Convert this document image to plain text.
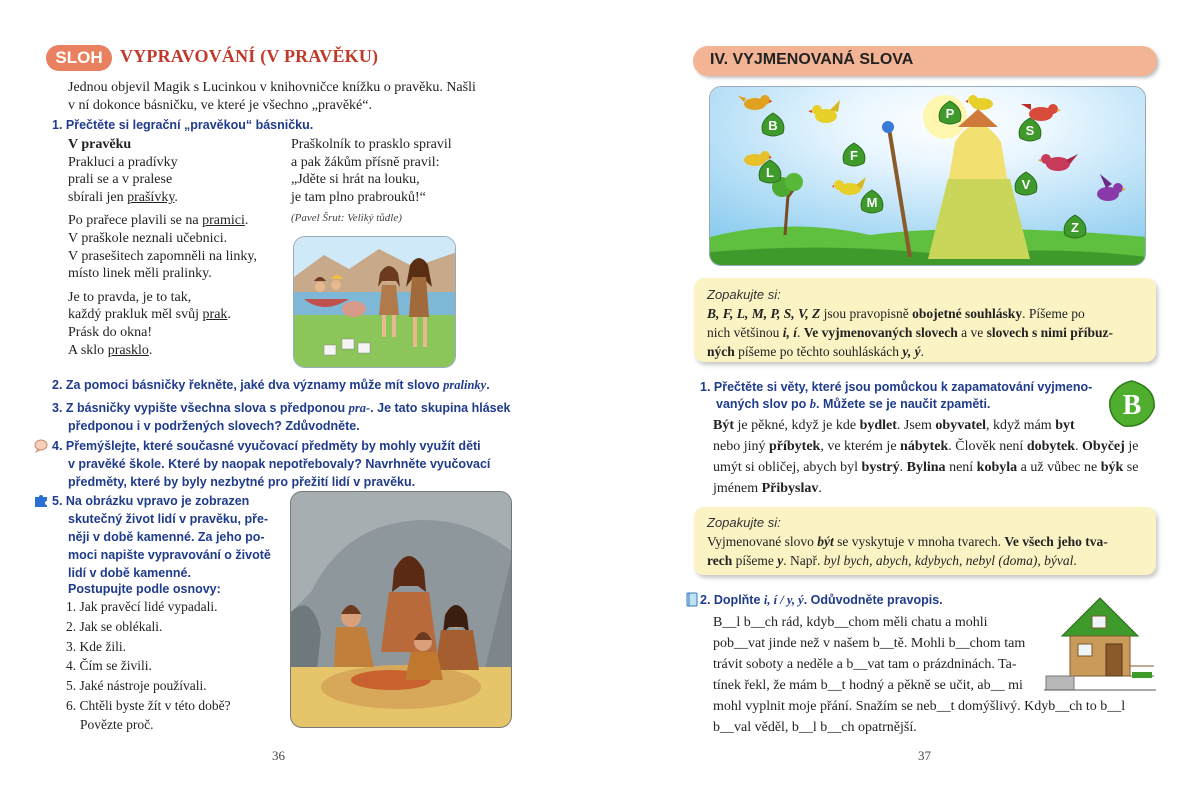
SLOH VYPRAVOVÁNÍ (V PRAVĚKU)
Jednou objevil Magik s Lucinkou v knihovničce knížku o pravěku. Našli
v ní dokonce básničku, ve které je všechno „pravěké“.
1. Přečtěte si legrační „pravěkou“ básničku.
V pravěku
Prakluci a pradívky
prali se a v pralese
sbírali jen prašívky.
Po prařece plavili se na pramici.
V praškole neznali učebnici.
V prasešitech zapomněli na linky,
místo linek měli pralinky.
Je to pravda, je to tak,
každý prakluk měl svůj prak.
Prásk do okna!
A sklo prasklo.
Praškolník to prasklo spravil
a pak žákům přísně pravil:
„Jděte si hrát na louku,
je tam plno prabrouků!“
(Pavel Šrut: Veliký tůdle)
2. Za pomoci básničky řekněte, jaké dva významy může mít slovo pralinky.
3. Z básničky vypište všechna slova s předponou pra-. Je tato skupina hlásek
předponou i v podržených slovech? Zdůvodněte.
4. Přemýšlejte, které současné vyučovací předměty by mohly využít děti
v pravěké škole. Které by naopak nepotřebovaly? Navrhněte vyučovací
předměty, které by byly nezbytné pro přežití lidí v pravěku.
5. Na obrázku vpravo je zobrazen
skutečný život lidí v pravěku, pře-
něji v době kamenné. Za jeho po-
moci napište vypravování o životě
lidí v době kamenné.
Postupujte podle osnovy:
1. Jak pravěcí lidé vypadali.
2. Jak se oblékali.
3. Kde žili.
4. Čím se živili.
5. Jaké nástroje používali.
6. Chtěli byste žít v této době?
Povězte proč.
36
IV. VYJMENOVANÁ SLOVA
B
F
L
M
P
S
V
Z
Zopakujte si:
B, F, L, M, P, S, V, Z jsou pravopisně obojetné souhlásky. Píšeme po
nich většinou i, í. Ve vyjmenovaných slovech a ve slovech s nimi příbuz-
ných píšeme po těchto souhláskách y, ý.
1. Přečtěte si věty, které jsou pomůckou k zapamatování vyjmeno-
vaných slov po b. Můžete se je naučit zpaměti.	B
Být je pěkné, když je kde bydlet. Jsem obyvatel, když mám byt
nebo jiný příbytek, ve kterém je nábytek. Člověk není dobytek. Obyčej je
umýt si obličej, abych byl bystrý. Bylina není kobyla a už vůbec ne býk se
jménem Přibyslav.
Zopakujte si:
Vyjmenované slovo být se vyskytuje v mnoha tvarech. Ve všech jeho tva-
rech píšeme y. Např. byl bych, abych, kdybych, nebyl (doma), býval.
2. Doplňte i, í / y, ý. Odůvodněte pravopis.
B__l b__ch rád, kdyb__chom měli chatu a mohli
pob__vat jinde než v našem b__tě. Mohli b__chom tam
trávit soboty a neděle a b__vat tam o prázdninách. Ta-
tínek řekl, že mám b__t hodný a pěkně se učit, ab__ mi
mohl vyplnit moje přání. Snažím se neb__t domýšlivý. Kdyb__ch to b__l
b__val věděl, b__l b__ch opatrnější.
37
